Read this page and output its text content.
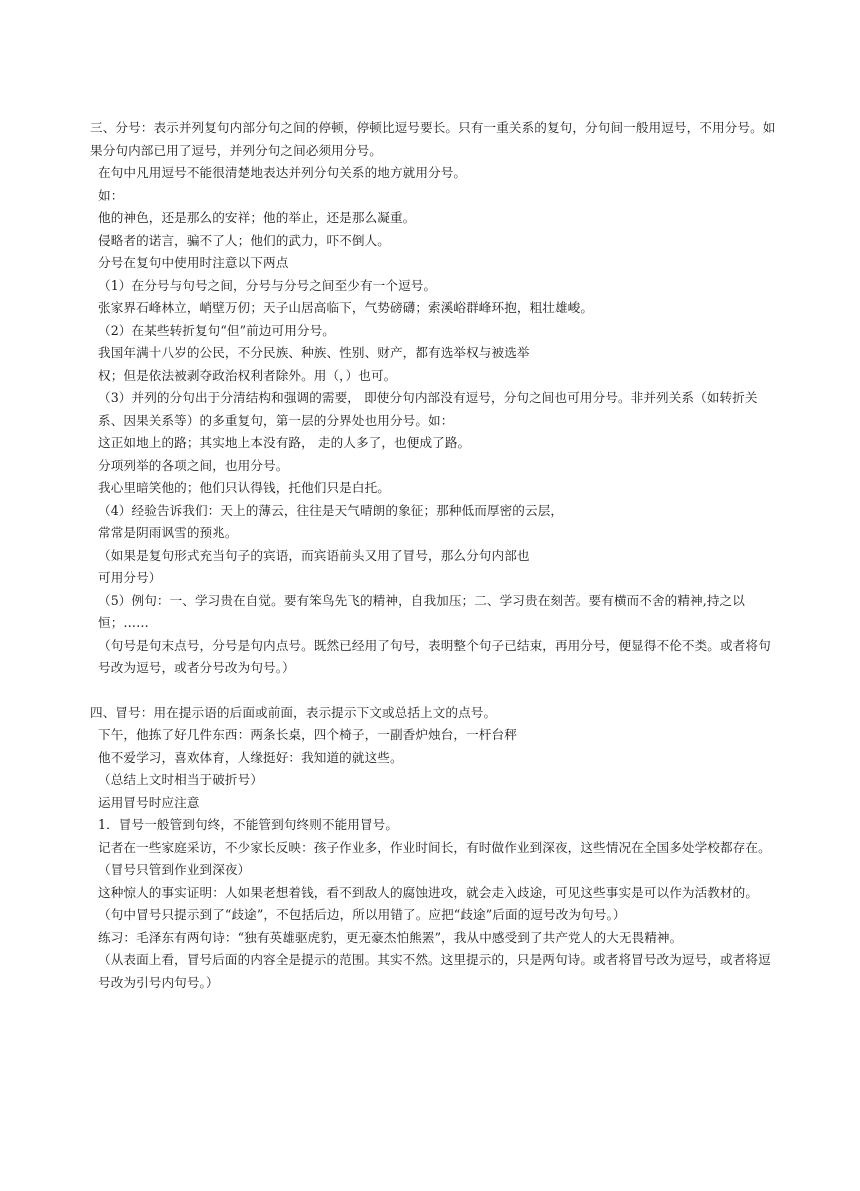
三、分号：表示并列复句内部分句之间的停顿，停顿比逗号要长。只有一重关系的复句，分句间一般用逗号，不用分号。如果分句内部已用了逗号，并列分句之间必须用分号。

在句中凡用逗号不能很清楚地表达并列分句关系的地方就用分号。

如：

他的神色，还是那么的安祥；他的举止，还是那么凝重。

侵略者的诺言，骗不了人；他们的武力，吓不倒人。

分号在复句中使用时注意以下两点

（1）在分号与句号之间，分号与分号之间至少有一个逗号。

张家界石峰林立，峭壁万仞；天子山居高临下，气势磅礴；索溪峪群峰环抱，粗壮雄峻。

（2）在某些转折复句“但”前边可用分号。

我国年满十八岁的公民，不分民族、种族、性别、财产，都有选举权与被选举

权；但是依法被剥夺政治权利者除外。用（，）也可。

（3）并列的分句出于分清结构和强调的需要， 即使分句内部没有逗号，分句之间也可用分号。非并列关系（如转折关系、因果关系等）的多重复句，第一层的分界处也用分号。如：

这正如地上的路；其实地上本没有路， 走的人多了，也便成了路。

分项列举的各项之间，也用分号。

我心里暗笑他的；他们只认得钱，托他们只是白托。

（4）经验告诉我们：天上的薄云，往往是天气晴朗的象征；那种低而厚密的云层，

常常是阴雨讽雪的预兆。

（如果是复句形式充当句子的宾语，而宾语前头又用了冒号，那么分句内部也

可用分号）

（5）例句：一、学习贵在自觉。要有笨鸟先飞的精神，自我加压；二、学习贵在刻苦。要有横而不舍的精神,持之以恒；……

（句号是句末点号，分号是句内点号。既然已经用了句号，表明整个句子已结束，再用分号，便显得不伦不类。或者将句号改为逗号，或者分号改为句号。）

四、冒号：用在提示语的后面或前面，表示提示下文或总括上文的点号。

下午，他拣了好几件东西：两条长桌，四个椅子，一副香炉烛台，一杆台秤

他不爱学习，喜欢体育，人缘挺好：我知道的就这些。

（总结上文时相当于破折号）

运用冒号时应注意

1．冒号一般管到句终，不能管到句终则不能用冒号。

记者在一些家庭采访，不少家长反映：孩子作业多，作业时间长，有时做作业到深夜，这些情况在全国多处学校都存在。

（冒号只管到作业到深夜）

这种惊人的事实证明：人如果老想着钱，看不到敌人的腐蚀进攻，就会走入歧途，可见这些事实是可以作为活教材的。

（句中冒号只提示到了“歧途”，不包括后边，所以用错了。应把“歧途”后面的逗号改为句号。）

练习：毛泽东有两句诗：“独有英雄驱虎豹，更无豪杰怕熊罴”，我从中感受到了共产党人的大无畏精神。

（从表面上看，冒号后面的内容全是提示的范围。其实不然。这里提示的，只是两句诗。或者将冒号改为逗号，或者将逗号改为引号内句号。）
